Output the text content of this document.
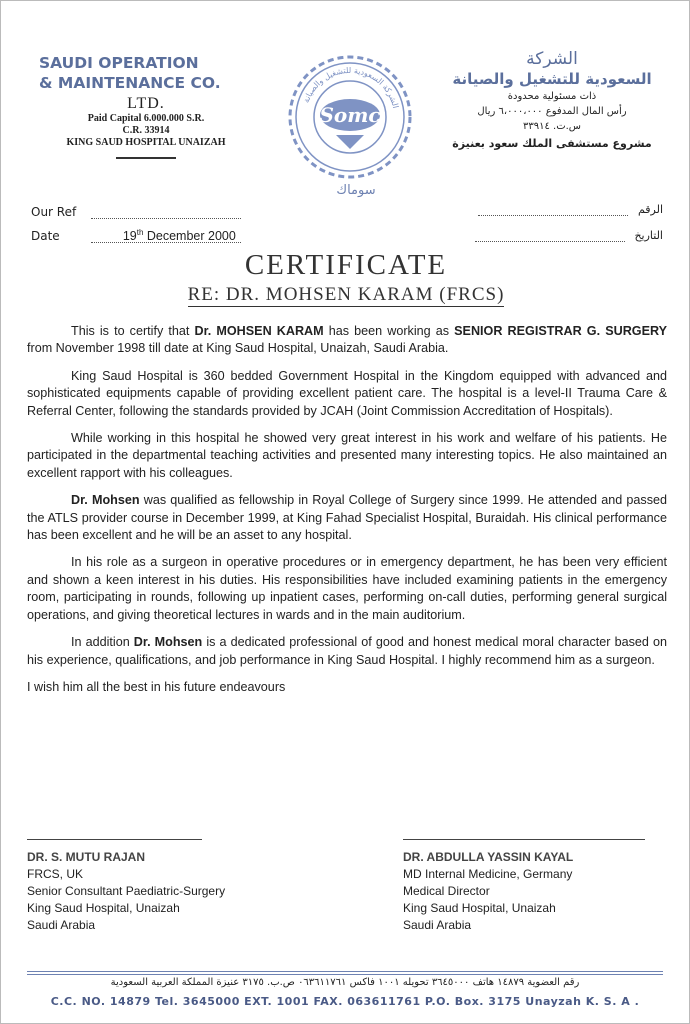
SAUDI OPERATION
& MAINTENANCE CO.
LTD.
Paid Capital 6.000.000 S.R.
C.R. 33914
KING SAUD HOSPITAL UNAIZAH
الشركة السعودية للتشغيل والصيانة
Somc
سوماك
الشركة
السعودية للتشغيل والصيانة
ذات مسئولية محدودة
رأس المال المدفوع ٦،٠٠٠،٠٠٠ ريال
س.ت. ٣٣٩١٤
مشروع مستشفى الملك سعود بعنيزة
Our Ref
Date	19th December 2000
الرقم
التاريخ
CERTIFICATE
RE: DR. MOHSEN KARAM (FRCS)

This is to certify that Dr. MOHSEN KARAM has been working as SENIOR REGISTRAR G. SURGERY from November 1998 till date at King Saud Hospital, Unaizah, Saudi Arabia.

King Saud Hospital is 360 bedded Government Hospital in the Kingdom equipped with advanced and sophisticated equipments capable of providing excellent patient care. The hospital is a level-II Trauma Care & Referral Center, following the standards provided by JCAH (Joint Commission Accreditation of Hospitals).

While working in this hospital he showed very great interest in his work and welfare of his patients. He participated in the departmental teaching activities and presented many interesting topics. He also maintained an excellent rapport with his colleagues.

Dr. Mohsen was qualified as fellowship in Royal College of Surgery since 1999. He attended and passed the ATLS provider course in December 1999, at King Fahad Specialist Hospital, Buraidah. His clinical performance has been excellent and he will be an asset to any hospital.

In his role as a surgeon in operative procedures or in emergency department, he has been very efficient and shown a keen interest in his duties. His responsibilities have included examining patients in the emergency room, participating in rounds, following up inpatient cases, performing on-call duties, performing general surgical operations, and giving theoretical lectures in wards and in the main auditorium.

In addition Dr. Mohsen is a dedicated professional of good and honest medical moral character based on his experience, qualifications, and job performance in King Saud Hospital. I highly recommend him as a surgeon.

I wish him all the best in his future endeavours

DR. S. MUTU RAJAN
FRCS, UK
Senior Consultant Paediatric-Surgery
King Saud Hospital, Unaizah
Saudi Arabia
DR. ABDULLA YASSIN KAYAL
MD Internal Medicine, Germany
Medical Director
King Saud Hospital, Unaizah
Saudi Arabia
رقم العضوية ١٤٨٧٩ هاتف ٣٦٤٥٠٠٠ تحويله ١٠٠١ فاكس ٠٦٣٦١١٧٦١ ص.ب. ٣١٧٥ عنيزة المملكة العربية السعودية
C.C. NO. 14879 Tel. 3645000 EXT. 1001 FAX. 063611761 P.O. Box. 3175 Unayzah K. S. A .
